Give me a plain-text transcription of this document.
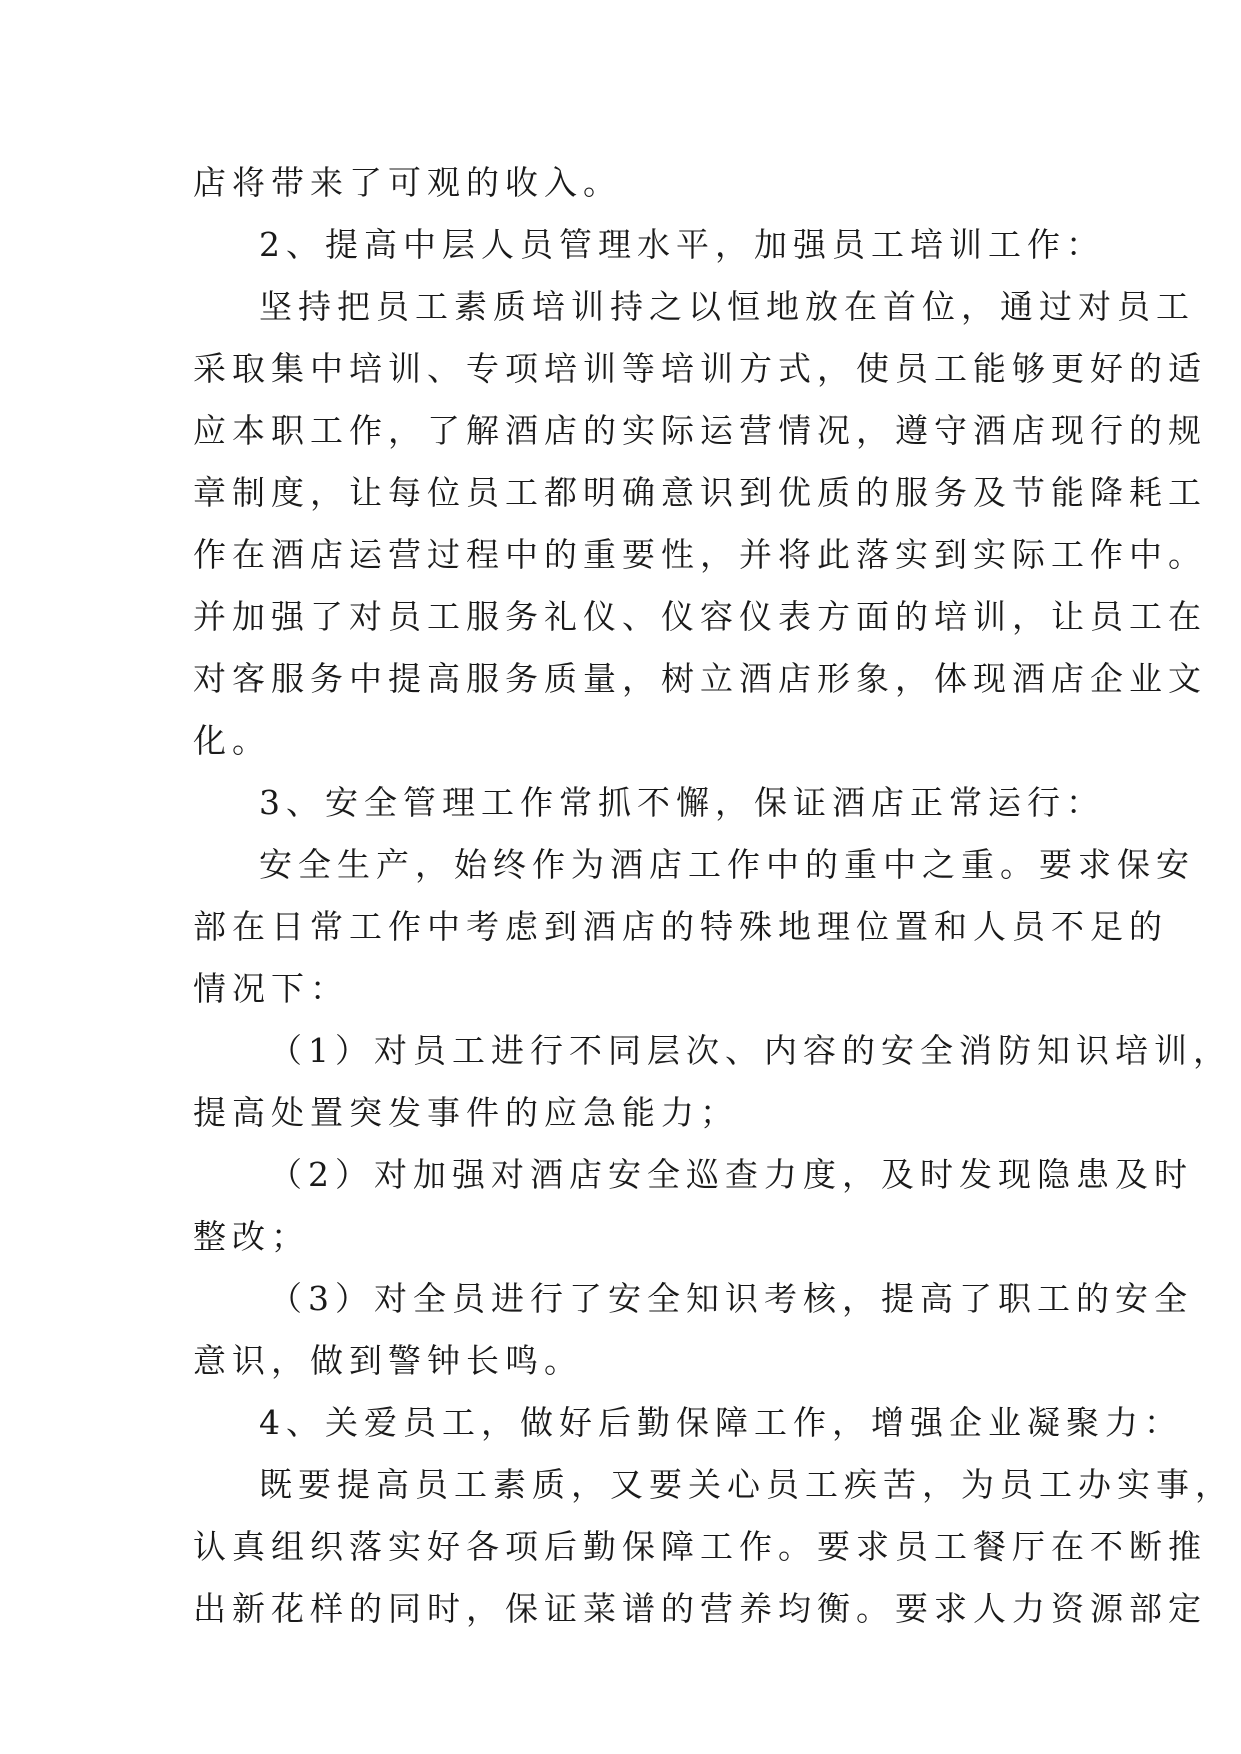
店将带来了可观的收入。
2、提高中层人员管理水平，加强员工培训工作：
坚持把员工素质培训持之以恒地放在首位，通过对员工
采取集中培训、专项培训等培训方式，使员工能够更好的适
应本职工作，了解酒店的实际运营情况，遵守酒店现行的规
章制度，让每位员工都明确意识到优质的服务及节能降耗工
作在酒店运营过程中的重要性，并将此落实到实际工作中。
并加强了对员工服务礼仪、仪容仪表方面的培训，让员工在
对客服务中提高服务质量，树立酒店形象，体现酒店企业文
化。
3、安全管理工作常抓不懈，保证酒店正常运行：
安全生产，始终作为酒店工作中的重中之重。要求保安
部在日常工作中考虑到酒店的特殊地理位置和人员不足的
情况下：
（1）对员工进行不同层次、内容的安全消防知识培训，
提高处置突发事件的应急能力；
（2）对加强对酒店安全巡查力度，及时发现隐患及时
整改；
（3）对全员进行了安全知识考核，提高了职工的安全
意识，做到警钟长鸣。
4、关爱员工，做好后勤保障工作，增强企业凝聚力：
既要提高员工素质，又要关心员工疾苦，为员工办实事，
认真组织落实好各项后勤保障工作。要求员工餐厅在不断推
出新花样的同时，保证菜谱的营养均衡。要求人力资源部定
